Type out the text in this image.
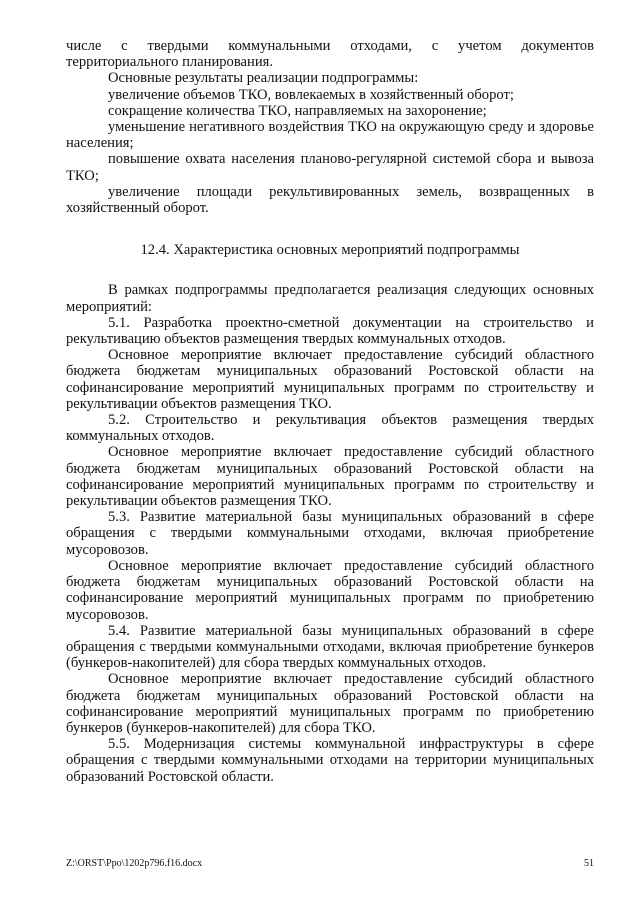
числе с твердыми коммунальными отходами, с учетом документов территориального планирования.

Основные результаты реализации подпрограммы:

увеличение объемов ТКО, вовлекаемых в хозяйственный оборот;

сокращение количества ТКО, направляемых на захоронение;

уменьшение негативного воздействия ТКО на окружающую среду и здоровье населения;

повышение охвата населения планово-регулярной системой сбора и вывоза ТКО;

увеличение площади рекультивированных земель, возвращенных в хозяйственный оборот.

12.4. Характеристика основных мероприятий подпрограммы

В рамках подпрограммы предполагается реализация следующих основных мероприятий:

5.1. Разработка проектно-сметной документации на строительство и рекультивацию объектов размещения твердых коммунальных отходов.

Основное мероприятие включает предоставление субсидий областного бюджета бюджетам муниципальных образований Ростовской области на софинансирование мероприятий муниципальных программ по строительству и рекультивации объектов размещения ТКО.

5.2. Строительство и рекультивация объектов размещения твердых коммунальных отходов.

Основное мероприятие включает предоставление субсидий областного бюджета бюджетам муниципальных образований Ростовской области на софинансирование мероприятий муниципальных программ по строительству и рекультивации объектов размещения ТКО.

5.3. Развитие материальной базы муниципальных образований в сфере обращения с твердыми коммунальными отходами, включая приобретение мусоровозов.

Основное мероприятие включает предоставление субсидий областного бюджета бюджетам муниципальных образований Ростовской области на софинансирование мероприятий муниципальных программ по приобретению мусоровозов.

5.4. Развитие материальной базы муниципальных образований в сфере обращения с твердыми коммунальными отходами, включая приобретение бункеров (бункеров-накопителей) для сбора твердых коммунальных отходов.

Основное мероприятие включает предоставление субсидий областного бюджета бюджетам муниципальных образований Ростовской области на софинансирование мероприятий муниципальных программ по приобретению бункеров (бункеров-накопителей) для сбора ТКО.

5.5. Модернизация системы коммунальной инфраструктуры в сфере обращения с твердыми коммунальными отходами на территории муниципальных образований Ростовской области.

Z:\ORST\Ppo\1202p796.f16.docx	51
